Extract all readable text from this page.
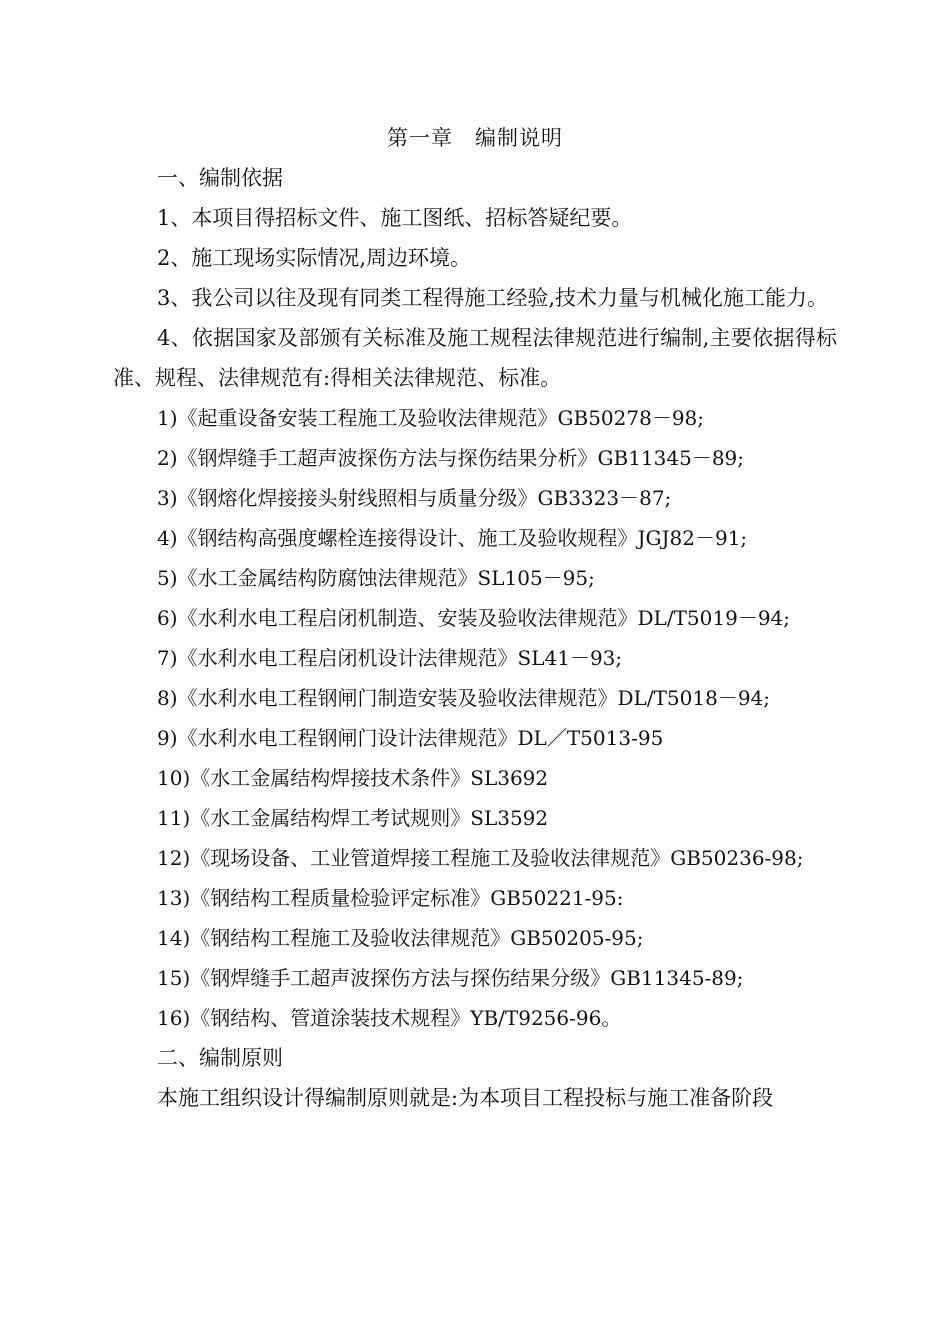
第一章　编制说明

一、编制依据

1、本项目得招标文件、施工图纸、招标答疑纪要。

2、施工现场实际情况,周边环境。

3、我公司以往及现有同类工程得施工经验,技术力量与机械化施工能力。

4、依据国家及部颁有关标准及施工规程法律规范进行编制,主要依据得标准、规程、法律规范有:得相关法律规范、标准。

1)《起重设备安装工程施工及验收法律规范》GB50278－98;

2)《钢焊缝手工超声波探伤方法与探伤结果分析》GB11345－89;

3)《钢熔化焊接接头射线照相与质量分级》GB3323－87;

4)《钢结构高强度螺栓连接得设计、施工及验收规程》JGJ82－91;

5)《水工金属结构防腐蚀法律规范》SL105－95;

6)《水利水电工程启闭机制造、安装及验收法律规范》DL/T5019－94;

7)《水利水电工程启闭机设计法律规范》SL41－93;

8)《水利水电工程钢闸门制造安装及验收法律规范》DL/T5018－94;

9)《水利水电工程钢闸门设计法律规范》DL／T5013-95

10)《水工金属结构焊接技术条件》SL3692

11)《水工金属结构焊工考试规则》SL3592

12)《现场设备、工业管道焊接工程施工及验收法律规范》GB50236-98;

13)《钢结构工程质量检验评定标准》GB50221-95:

14)《钢结构工程施工及验收法律规范》GB50205-95;

15)《钢焊缝手工超声波探伤方法与探伤结果分级》GB11345-89;

16)《钢结构、管道涂装技术规程》YB/T9256-96。

二、编制原则

本施工组织设计得编制原则就是:为本项目工程投标与施工准备阶段
